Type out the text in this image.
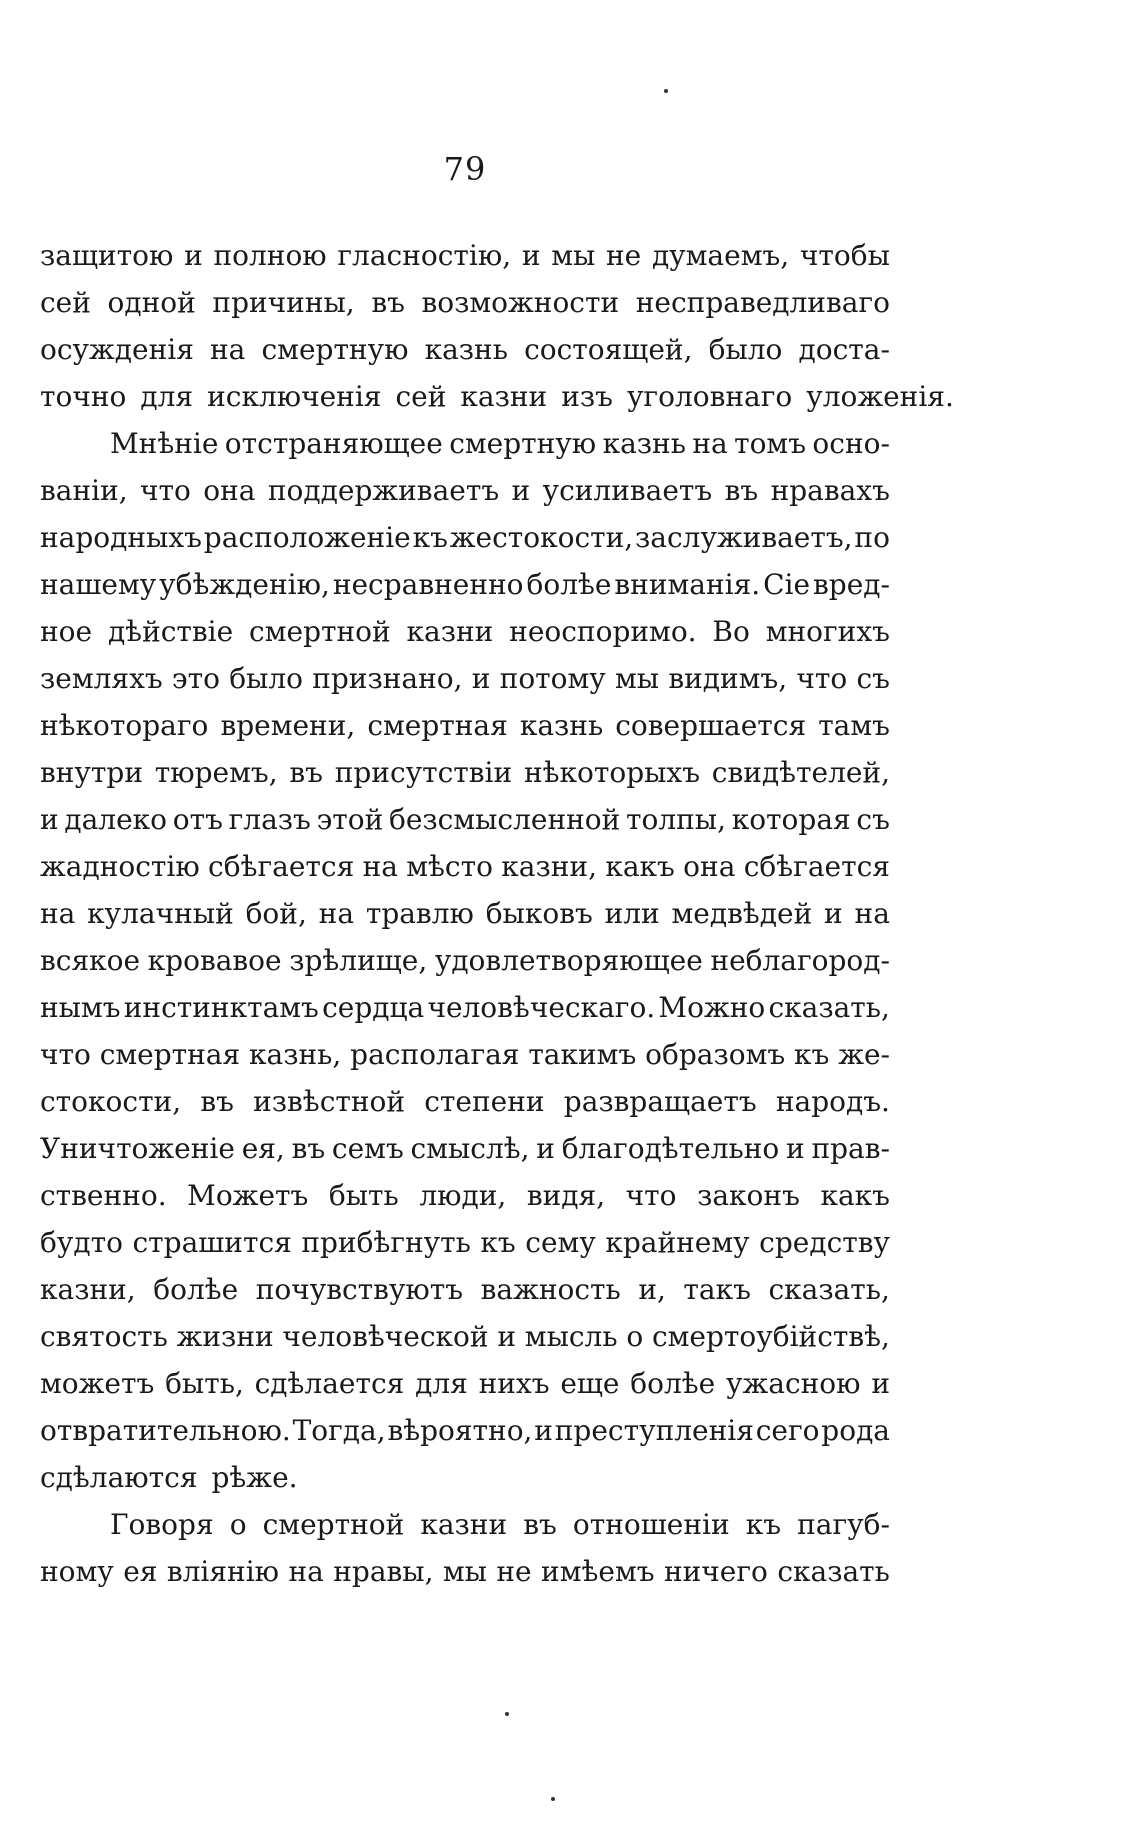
79
защитою и полною гласностію, и мы не думаемъ, чтобы
сей одной причины, въ возможности несправедливаго
осужденія на смертную казнь состоящей, было доста-
точно для исключенія сей казни изъ уголовнаго уложенія.
Мнѣніе отстраняющее смертную казнь на томъ осно-
ваніи, что она поддерживаетъ и усиливаетъ въ нравахъ
народныхъ расположеніе къ жестокости, заслуживаетъ, по
нашему убѣжденію, несравненно болѣе вниманія. Сіе вред-
ное дѣйствіе смертной казни неоспоримо. Во многихъ
земляхъ это было признано, и потому мы видимъ, что съ
нѣкотораго времени, смертная казнь совершается тамъ
внутри тюремъ, въ присутствіи нѣкоторыхъ свидѣтелей,
и далеко отъ глазъ этой безсмысленной толпы, которая съ
жадностію сбѣгается на мѣсто казни, какъ она сбѣгается
на кулачный бой, на травлю быковъ или медвѣдей и на
всякое кровавое зрѣлище, удовлетворяющее неблагород-
нымъ инстинктамъ сердца человѣческаго. Можно сказать,
что смертная казнь, располагая такимъ образомъ къ же-
стокости, въ извѣстной степени развращаетъ народъ.
Уничтоженіе ея, въ семъ смыслѣ, и благодѣтельно и прав-
ственно. Можетъ быть люди, видя, что законъ какъ
будто страшится прибѣгнуть къ сему крайнему средству
казни, болѣе почувствуютъ важность и, такъ сказать,
святость жизни человѣческой и мысль о смертоубійствѣ,
можетъ быть, сдѣлается для нихъ еще болѣе ужасною и
отвратительною. Тогда, вѣроятно, и преступленія сего рода
сдѣлаются рѣже.
Говоря о смертной казни въ отношеніи къ пагуб-
ному ея вліянію на нравы, мы не имѣемъ ничего сказать
